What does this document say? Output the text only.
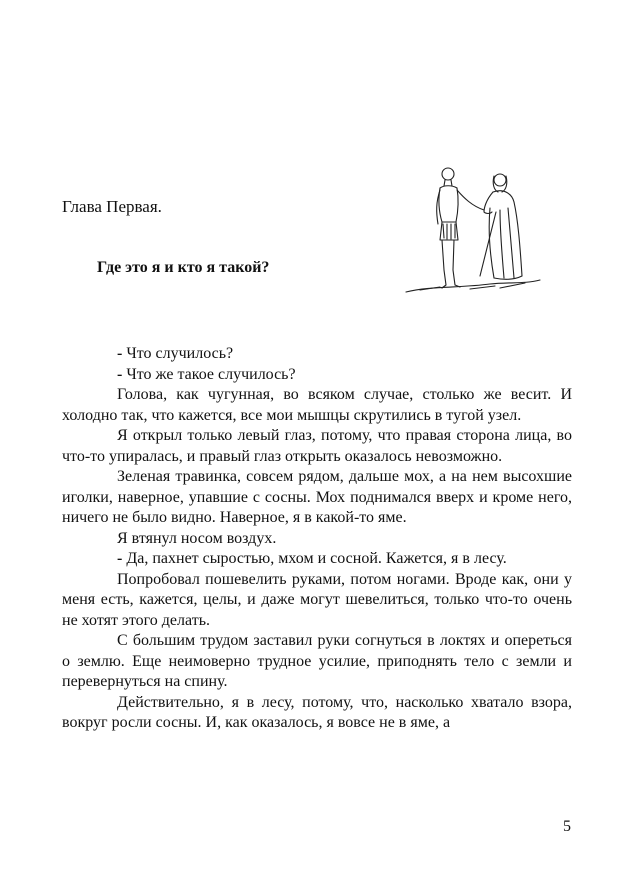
Глава Первая.
Где это я и кто я такой?

- Что случилось?

- Что же такое случилось?

Голова, как чугунная, во всяком случае, столько же весит. И холодно так, что кажется, все мои мышцы скрутились в тугой узел.

Я открыл только левый глаз, потому, что правая сторона лица, во что-то упиралась, и правый глаз открыть оказалось невозможно.

Зеленая травинка, совсем рядом, дальше мох, а на нем высохшие иголки, наверное, упавшие с сосны. Мох поднимался вверх и кроме него, ничего не было видно. Наверное, я в какой-то яме.

Я втянул носом воздух.

- Да, пахнет сыростью, мхом и сосной. Кажется, я в лесу.

Попробовал пошевелить руками, потом ногами. Вроде как, они у меня есть, кажется, целы, и даже могут шевелиться, только что-то очень не хотят этого делать.

С большим трудом заставил руки согнуться в локтях и опереться о землю. Еще неимоверно трудное усилие, приподнять тело с земли и перевернуться на спину.

Действительно, я в лесу, потому, что, насколько хватало взора, вокруг росли сосны. И, как оказалось, я вовсе не в яме, а

5
